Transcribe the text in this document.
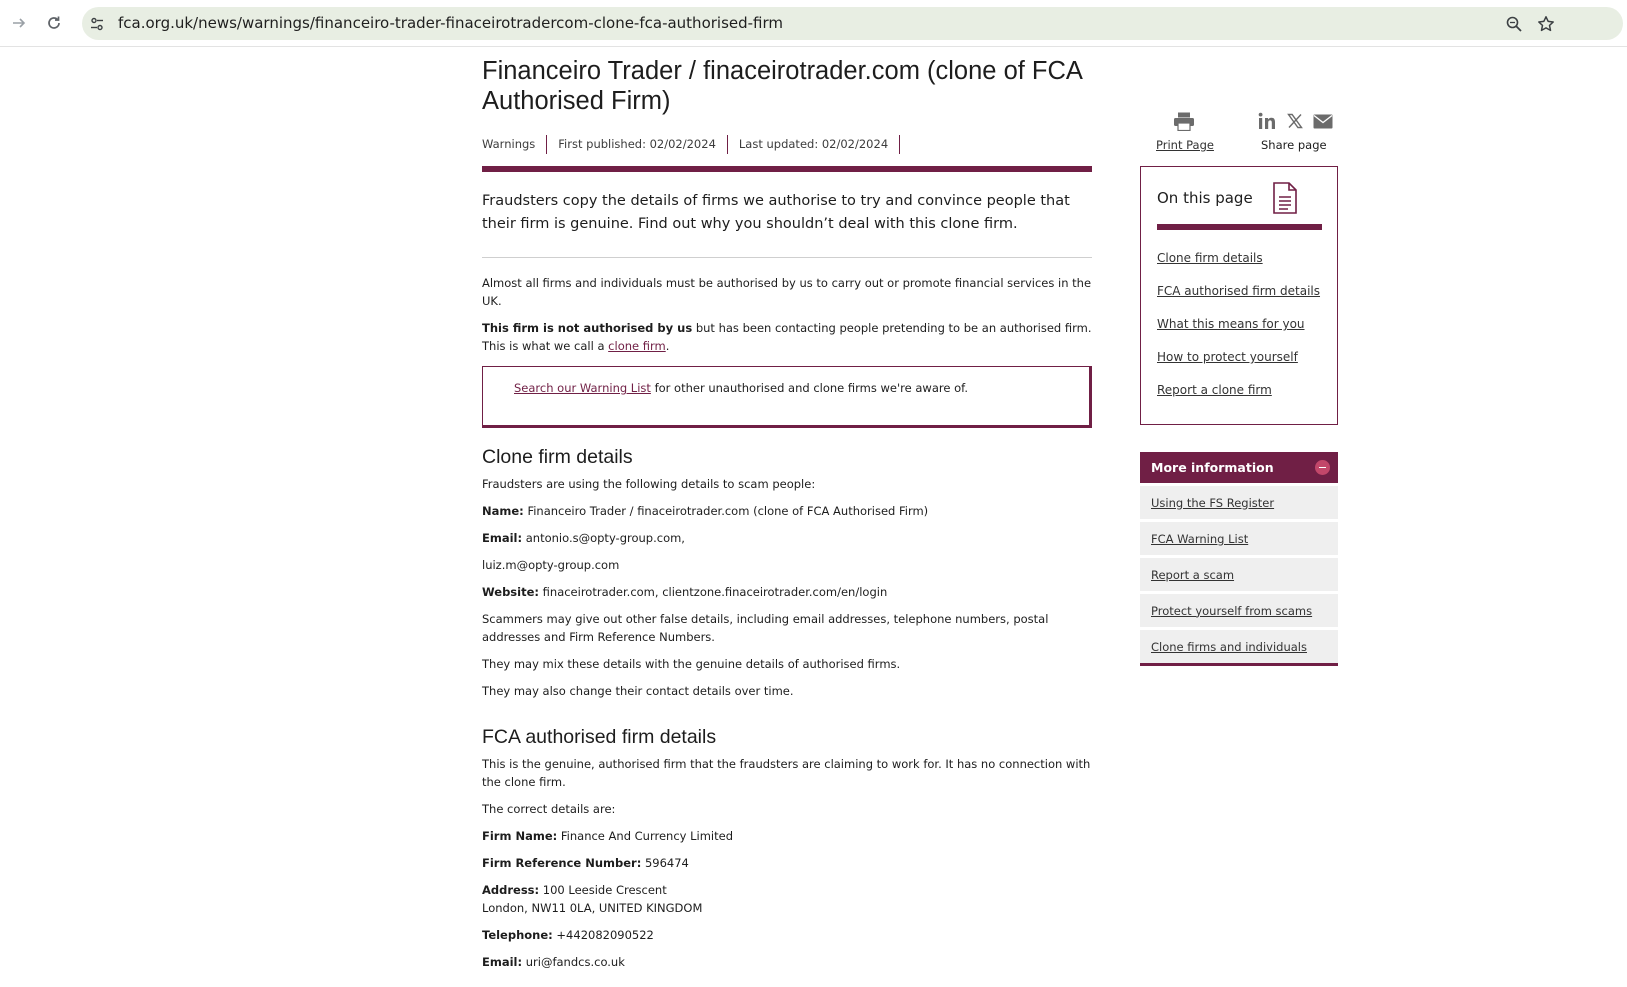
fca.org.uk/news/warnings/financeiro-trader-finaceirotradercom-clone-fca-authorised-firm
Financeiro Trader / finaceirotrader.com (clone of FCA Authorised Firm)
Warnings	First published: 02/02/2024	Last updated: 02/02/2024

Fraudsters copy the details of firms we authorise to try and convince people that their firm is genuine. Find out why you shouldn’t deal with this clone firm.

Almost all firms and individuals must be authorised by us to carry out or promote financial services in the UK.

This firm is not authorised by us but has been contacting people pretending to be an authorised firm. This is what we call a clone firm.

Search our Warning List for other unauthorised and clone firms we're aware of.
Clone firm details

Fraudsters are using the following details to scam people:

Name: Financeiro Trader / finaceirotrader.com (clone of FCA Authorised Firm)

Email: antonio.s@opty-group.com,

luiz.m@opty-group.com

Website: finaceirotrader.com, clientzone.finaceirotrader.com/en/login

Scammers may give out other false details, including email addresses, telephone numbers, postal addresses and Firm Reference Numbers.

They may mix these details with the genuine details of authorised firms.

They may also change their contact details over time.

FCA authorised firm details

This is the genuine, authorised firm that the fraudsters are claiming to work for. It has no connection with the clone firm.

The correct details are:

Firm Name: Finance And Currency Limited

Firm Reference Number: 596474

Address: 100 Leeside Crescent
London, NW11 0LA, UNITED KINGDOM

Telephone: +442082090522

Email: uri@fandcs.co.uk

Print Page	Share page
On this page
Clone firm details
FCA authorised firm details
What this means for you
How to protect yourself
Report a clone firm
More information
Using the FS Register
FCA Warning List
Report a scam
Protect yourself from scams
Clone firms and individuals
